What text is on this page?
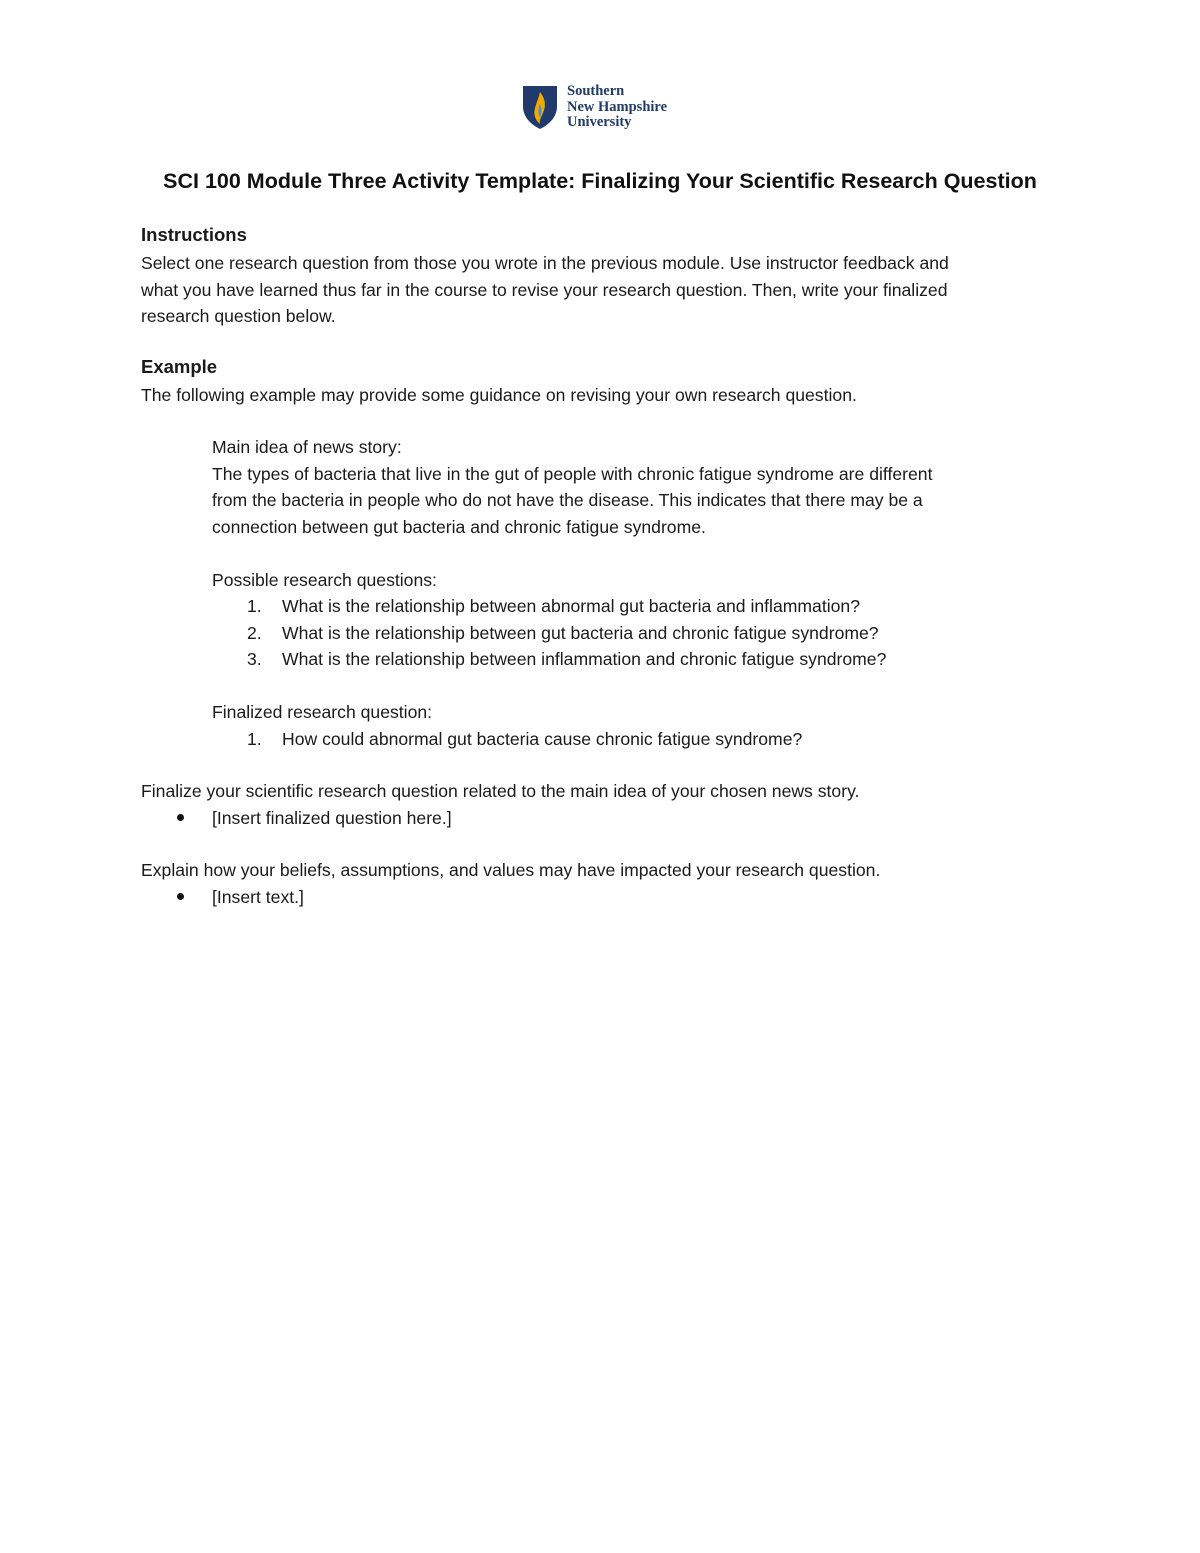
Southern
New Hampshire
University
SCI 100 Module Three Activity Template: Finalizing Your Scientific Research Question
Instructions
Select one research question from those you wrote in the previous module. Use instructor feedback and
what you have learned thus far in the course to revise your research question. Then, write your finalized
research question below.
Example
The following example may provide some guidance on revising your own research question.
Main idea of news story:
The types of bacteria that live in the gut of people with chronic fatigue syndrome are different
from the bacteria in people who do not have the disease. This indicates that there may be a
connection between gut bacteria and chronic fatigue syndrome.
Possible research questions:
1. What is the relationship between abnormal gut bacteria and inflammation?
2. What is the relationship between gut bacteria and chronic fatigue syndrome?
3. What is the relationship between inflammation and chronic fatigue syndrome?
Finalized research question:
1. How could abnormal gut bacteria cause chronic fatigue syndrome?
Finalize your scientific research question related to the main idea of your chosen news story.
[Insert finalized question here.]
Explain how your beliefs, assumptions, and values may have impacted your research question.
[Insert text.]
